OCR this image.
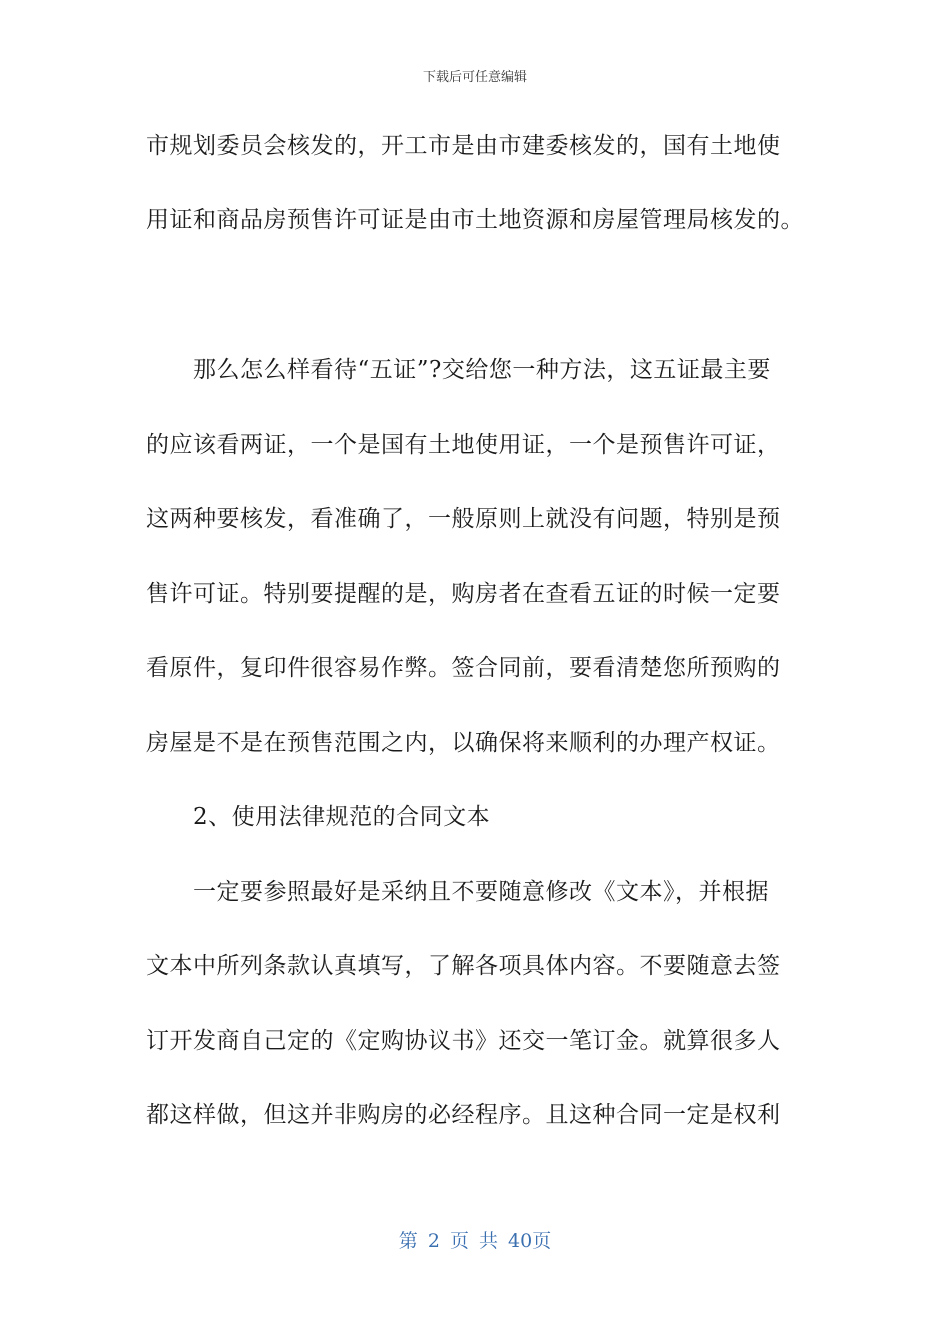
下载后可任意编辑
市规划委员会核发的，开工市是由市建委核发的，国有土地使
用证和商品房预售许可证是由市土地资源和房屋管理局核发的。
那么怎么样看待“五证”?交给您一种方法，这五证最主要
的应该看两证，一个是国有土地使用证，一个是预售许可证，
这两种要核发，看准确了，一般原则上就没有问题，特别是预
售许可证。特别要提醒的是，购房者在查看五证的时候一定要
看原件，复印件很容易作弊。签合同前，要看清楚您所预购的
房屋是不是在预售范围之内，以确保将来顺利的办理产权证。
2、使用法律规范的合同文本
一定要参照最好是采纳且不要随意修改《文本》，并根据
文本中所列条款认真填写，了解各项具体内容。不要随意去签
订开发商自己定的《定购协议书》还交一笔订金。就算很多人
都这样做，但这并非购房的必经程序。且这种合同一定是权利
第 2 页 共 40页
